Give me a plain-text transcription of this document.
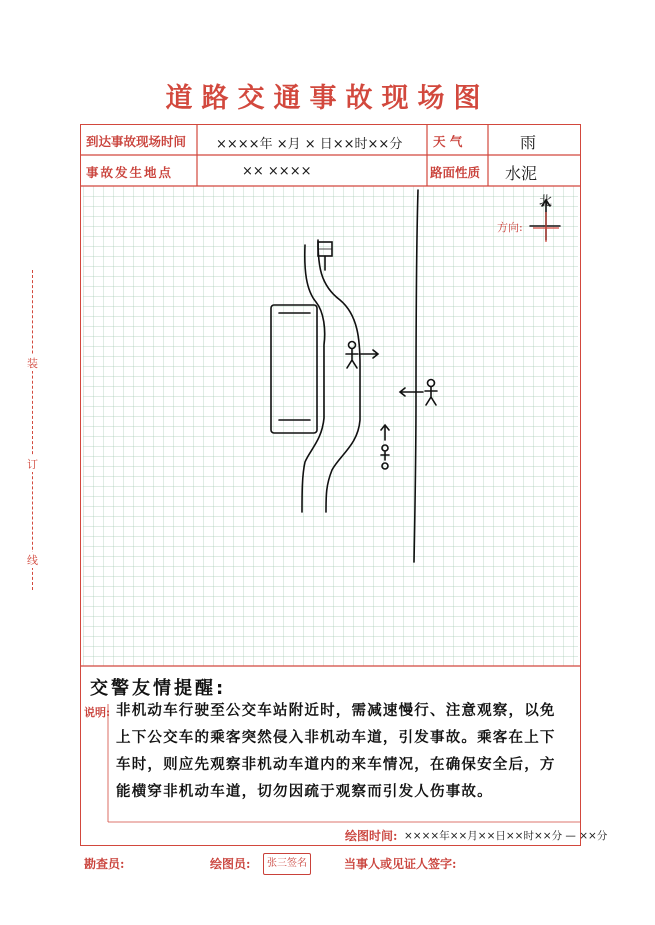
道路交通事故现场图
到达事故现场时间 ××××年 ×月 × 日××时××分 天 气	雨
事故发生地点	×× ××××	路面性质 水泥
方向:
北
装
订
线
交警友情提醒:
说明: 非机动车行驶至公交车站附近时，需减速慢行、注意观察，以免上下公交车的乘客突然侵入非机动车道，引发事故。乘客在上下车时，则应先观察非机动车道内的来车情况，在确保安全后，方能横穿非机动车道，切勿因疏于观察而引发人伤事故。
绘图时间: ××××年××月××日××时××分 — ××分
勘查员:	绘图员:	张三签名	当事人或见证人签字:
